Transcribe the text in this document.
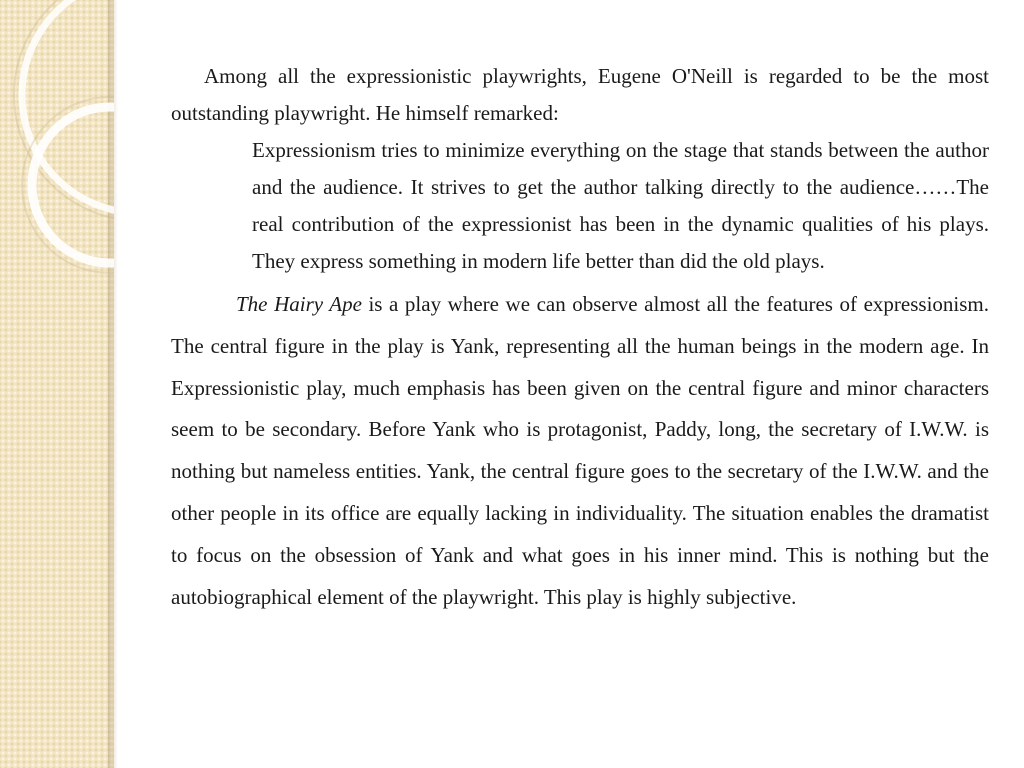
Among all the expressionistic playwrights, Eugene O'Neill is regarded to be the most outstanding playwright. He himself remarked:

Expressionism tries to minimize everything on the stage that stands between the author and the audience. It strives to get the author talking directly to the audience……The real contribution of the expressionist has been in the dynamic qualities of his plays. They express something in modern life better than did the old plays.

The Hairy Ape is a play where we can observe almost all the features of expressionism. The central figure in the play is Yank, representing all the human beings in the modern age. In Expressionistic play, much emphasis has been given on the central figure and minor characters seem to be secondary. Before Yank who is protagonist, Paddy, long, the secretary of I.W.W. is nothing but nameless entities. Yank, the central figure goes to the secretary of the I.W.W. and the other people in its office are equally lacking in individuality. The situation enables the dramatist to focus on the obsession of Yank and what goes in his inner mind. This is nothing but the autobiographical element of the playwright. This play is highly subjective.
